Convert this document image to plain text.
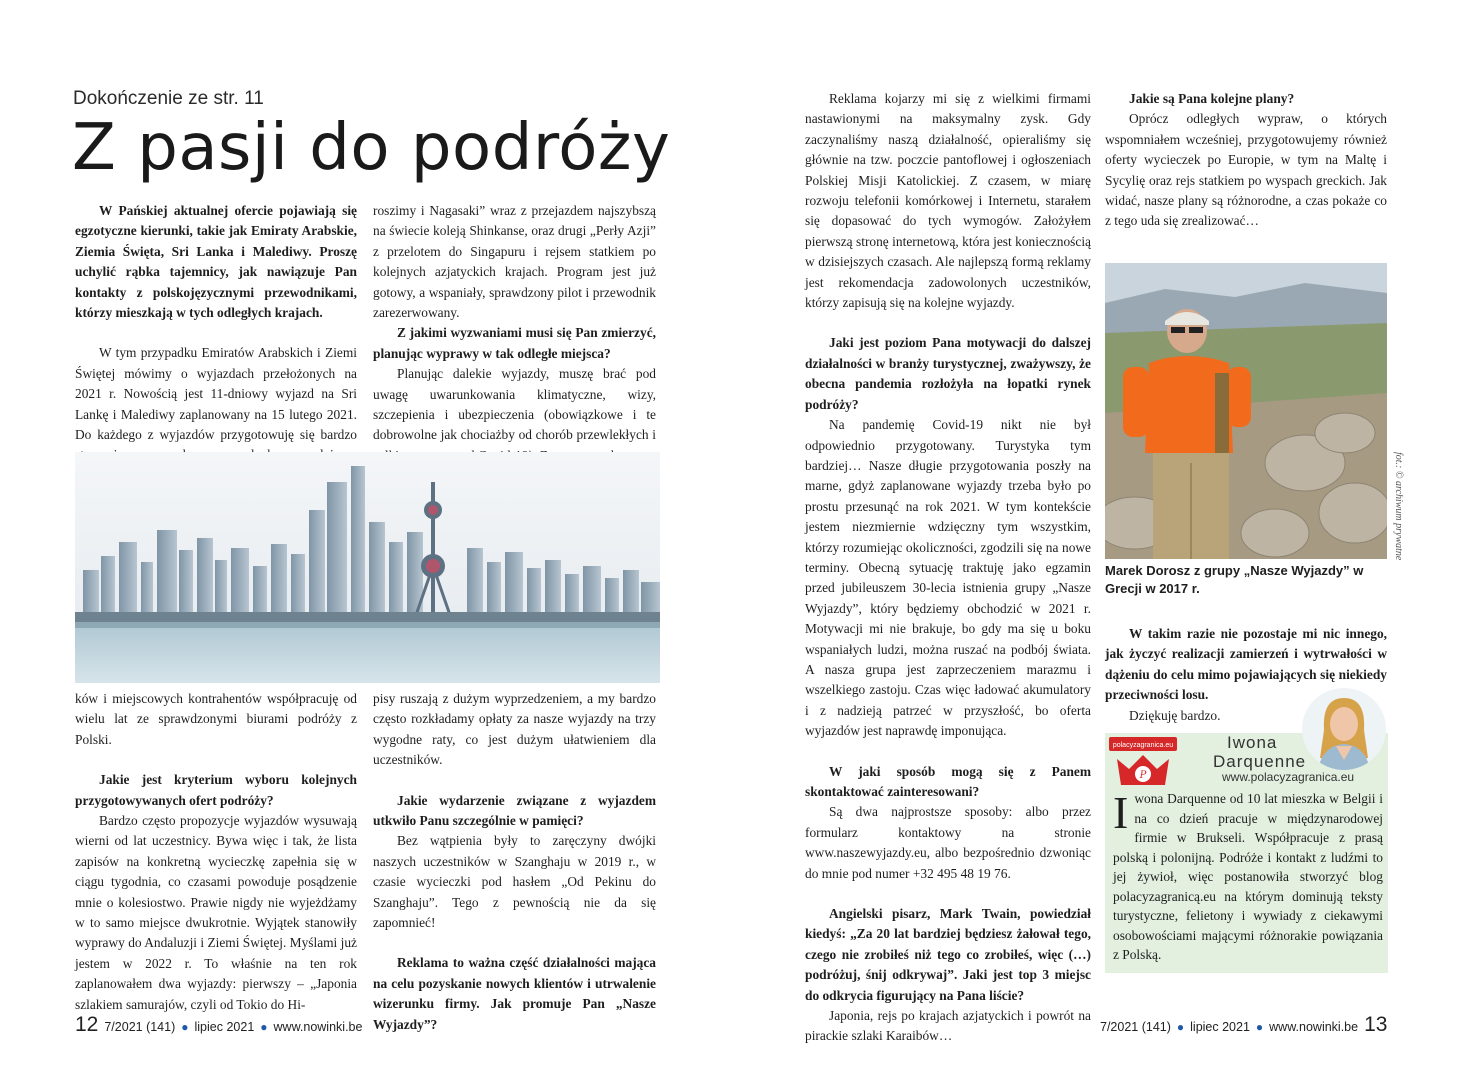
Dokończenie ze str. 11
Z pasji do podróży

W Pańskiej aktualnej ofercie pojawiają się egzotyczne kierunki, takie jak Emiraty Arabskie, Ziemia Święta, Sri Lanka i Malediwy. Proszę uchylić rąbka tajemnicy, jak nawiązuje Pan kontakty z polskojęzycznymi przewodnikami, którzy mieszkają w tych odległych krajach.

W tym przypadku Emiratów Arabskich i Ziemi Świętej mówimy o wyjazdach przełożonych na 2021 r. Nowością jest 11-dniowy wyjazd na Sri Lankę i Malediwy zaplanowany na 15 lutego 2021. Do każdego z wyjazdów przygotowuję się bardzo

roszimy i Nagasaki” wraz z przejazdem najszybszą na świecie koleją Shinkanse, oraz drugi „Perły Azji” z przelotem do Singapuru i rejsem statkiem po kolejnych azjatyckich krajach. Program jest już gotowy, a wspaniały, sprawdzony pilot i przewodnik zarezerwowany.

Z jakimi wyzwaniami musi się Pan zmierzyć, planując wyprawy w tak odległe miejsca?

Planując dalekie wyjazdy, muszę brać pod uwagę uwarunkowania klimatyczne, wizy, szczepienia i ubezpieczenia (obowiązkowe i te dobrowolne jak chociażby od chorób przewlekłych i

ków i miejscowych kontrahentów współpracuję od wielu lat ze sprawdzonymi biurami podróży z Polski.

Jakie jest kryterium wyboru kolejnych przygotowywanych ofert podróży?

Bardzo często propozycje wyjazdów wysuwają wierni od lat uczestnicy. Bywa więc i tak, że lista zapisów na konkretną wycieczkę zapełnia się w ciągu tygodnia, co czasami powoduje posądzenie mnie o kolesiostwo. Prawie nigdy nie wyjeżdżamy w to samo miejsce dwukrotnie. Wyjątek stanowiły wyprawy do Andaluzji i Ziemi Świętej. Myślami już jestem w 2022 r. To właśnie na ten rok zaplanowałem dwa wyjazdy: pierwszy – „Japonia szlakiem samurajów, czyli od Tokio do Hi-

pisy ruszają z dużym wyprzedzeniem, a my bardzo często rozkładamy opłaty za nasze wyjazdy na trzy wygodne raty, co jest dużym ułatwieniem dla uczestników.

Jakie wydarzenie związane z wyjazdem utkwiło Panu szczególnie w pamięci?

Bez wątpienia były to zaręczyny dwójki naszych uczestników w Szanghaju w 2019 r., w czasie wycieczki pod hasłem „Od Pekinu do Szanghaju”. Tego z pewnością nie da się zapomnieć!

Reklama to ważna część działalności mająca na celu pozyskanie nowych klientów i utrwalenie wizerunku firmy. Jak promuje Pan „Nasze Wyjazdy”?

Reklama kojarzy mi się z wielkimi firmami nastawionymi na maksymalny zysk. Gdy zaczynaliśmy naszą działalność, opieraliśmy się głównie na tzw. poczcie pantoflowej i ogłoszeniach Polskiej Misji Katolickiej. Z czasem, w miarę rozwoju telefonii komórkowej i Internetu, starałem się dopasować do tych wymogów. Założyłem pierwszą stronę internetową, która jest koniecznością w dzisiejszych czasach. Ale najlepszą formą reklamy jest rekomendacja zadowolonych uczestników, którzy zapisują się na kolejne wyjazdy.

Jaki jest poziom Pana motywacji do dalszej działalności w branży turystycznej, zważywszy, że obecna pandemia rozłożyła na łopatki rynek podróży?

Na pandemię Covid-19 nikt nie był odpowiednio przygotowany. Turystyka tym bardziej… Nasze długie przygotowania poszły na marne, gdyż zaplanowane wyjazdy trzeba było po prostu przesunąć na rok 2021. W tym kontekście jestem niezmiernie wdzięczny tym wszystkim, którzy rozumiejąc okoliczności, zgodzili się na nowe terminy. Obecną sytuację traktuję jako egzamin przed jubileuszem 30-lecia istnienia grupy „Nasze Wyjazdy”, który będziemy obchodzić w 2021 r. Motywacji mi nie brakuje, bo gdy ma się u boku wspaniałych ludzi, można ruszać na podbój świata. A nasza grupa jest zaprzeczeniem marazmu i wszelkiego zastoju. Czas więc ładować akumulatory i z nadzieją patrzeć w przyszłość, bo oferta wyjazdów jest naprawdę imponująca.

W jaki sposób mogą się z Panem skontaktować zainteresowani?

Są dwa najprostsze sposoby: albo przez formularz kontaktowy na stronie www.naszewyjazdy.eu, albo bezpośrednio dzwoniąc do mnie pod numer +32 495 48 19 76.

Angielski pisarz, Mark Twain, powiedział kiedyś: „Za 20 lat bardziej będziesz żałował tego, czego nie zrobiłeś niż tego co zrobiłeś, więc (…) podróżuj, śnij odkrywaj”. Jaki jest top 3 miejsc do odkrycia figurujący na Pana liście?

Japonia, rejs po krajach azjatyckich i powrót na pirackie szlaki Karaibów…

Jakie są Pana kolejne plany?

Oprócz odległych wypraw, o których wspomniałem wcześniej, przygotowujemy również oferty wycieczek po Europie, w tym na Maltę i Sycylię oraz rejs statkiem po wyspach greckich. Jak widać, nasze plany są różnorodne, a czas pokaże co z tego uda się zrealizować…

Marek Dorosz z grupy „Nasze Wyjazdy” w Grecji w 2017 r.
fot.: © archiwum prywatne

W takim razie nie pozostaje mi nic innego, jak życzyć realizacji zamierzeń i wytrwałości w dążeniu do celu mimo pojawiających się niekiedy przeciwności losu.

Dziękuję bardzo.

polacyzagranica.eu
P
Iwona
Darquenne
www.polacyzagranica.eu
Iwona Darquenne od 10 lat mieszka w Belgii i na co dzień pracuje w międzynarodowej firmie w Brukseli. Współpracuje z prasą polską i polonijną. Podróże i kontakt z ludźmi to jej żywioł, więc postanowiła stworzyć blog polacyzagranicą.eu na którym dominują teksty turystyczne, felietony i wywiady z ciekawymi osobowościami mającymi różnorakie powiązania z Polską.
12 7/2021 (141) ● lipiec 2021 ● www.nowinki.be	7/2021 (141) ● lipiec 2021 ● www.nowinki.be 13
